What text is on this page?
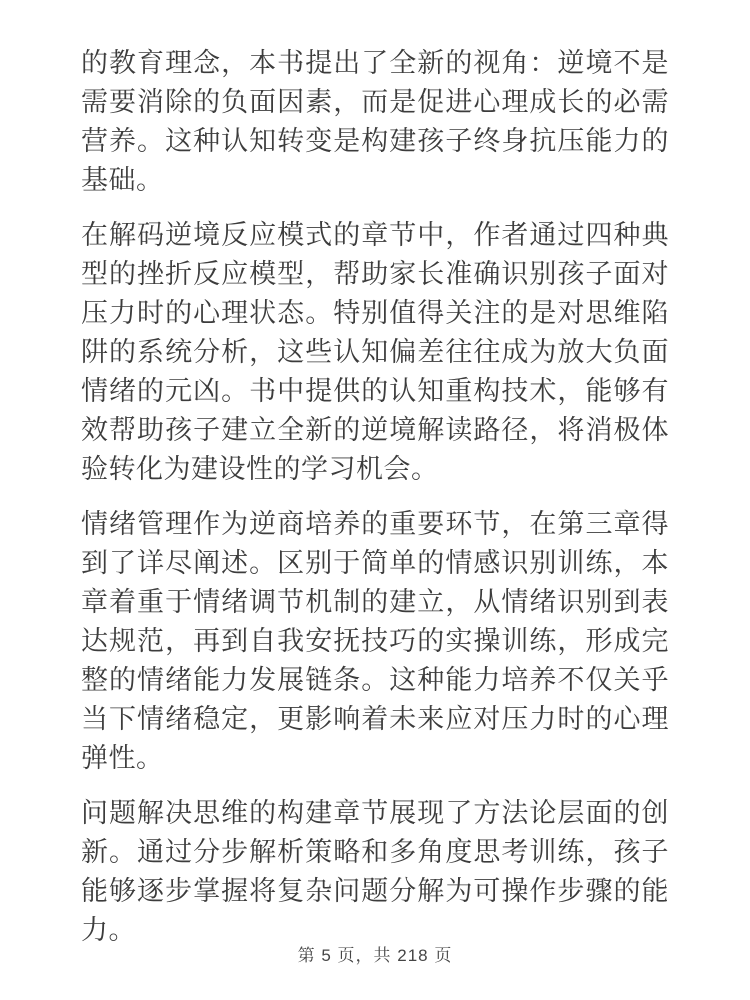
的教育理念，本书提出了全新的视角：逆境不是需要消除的负面因素，而是促进心理成长的必需营养。这种认知转变是构建孩子终身抗压能力的基础。

在解码逆境反应模式的章节中，作者通过四种典型的挫折反应模型，帮助家长准确识别孩子面对压力时的心理状态。特别值得关注的是对思维陷阱的系统分析，这些认知偏差往往成为放大负面情绪的元凶。书中提供的认知重构技术，能够有效帮助孩子建立全新的逆境解读路径，将消极体验转化为建设性的学习机会。

情绪管理作为逆商培养的重要环节，在第三章得到了详尽阐述。区别于简单的情感识别训练，本章着重于情绪调节机制的建立，从情绪识别到表达规范，再到自我安抚技巧的实操训练，形成完整的情绪能力发展链条。这种能力培养不仅关乎当下情绪稳定，更影响着未来应对压力时的心理弹性。

问题解决思维的构建章节展现了方法论层面的创新。通过分步解析策略和多角度思考训练，孩子能够逐步掌握将复杂问题分解为可操作步骤的能力。

第 5 页，共 218 页
